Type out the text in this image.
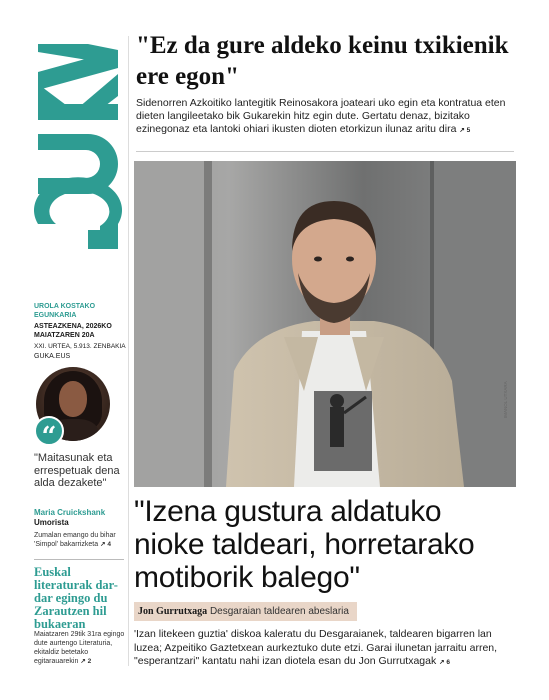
UROLA KOSTAKO EGUNKARIA
ASTEAZKENA, 2026KO MAIATZAREN 20A
XXI. URTEA, 5.913. ZENBAKIA
GUKA.EUS
“
"Maitasunak eta errespetuak dena alda dezakete"
Maria Cruickshank
Umorista
Zumalan emango du bihar 'Simpol' bakarrizketa ↗ 4
Euskal literaturak dar-dar egingo du Zarautzen hil bukaeran
Maiatzaren 29tik 31ra egingo dute aurtengo Literaturia, ekitaldiz betetako egitarauarekin ↗ 2
"Ez da gure aldeko keinu txikienik ere egon"
Sidenorren Azkoitiko lantegitik Reinosakora joateari uko egin eta kontratua eten dieten langileetako bik Gukarekin hitz egin dute. Gertatu denaz, bizitako ezinegonaz eta lantoki ohiari ikusten dioten etorkizun ilunaz aritu dira ↗ 5
IMANOL UTXARA
"Izena gustura aldatuko nioke taldeari, horretarako motiborik balego"
Jon Gurrutxaga Desgaraian taldearen abeslaria
'Izan litekeen guztia' diskoa kaleratu du Desgaraianek, taldearen bigarren lan luzea; Azpeitiko Gaztetxean aurkeztuko dute etzi. Garai ilunetan jarraitu arren, "esperantzari" kantatu nahi izan diotela esan du Jon Gurrutxagak ↗ 6
